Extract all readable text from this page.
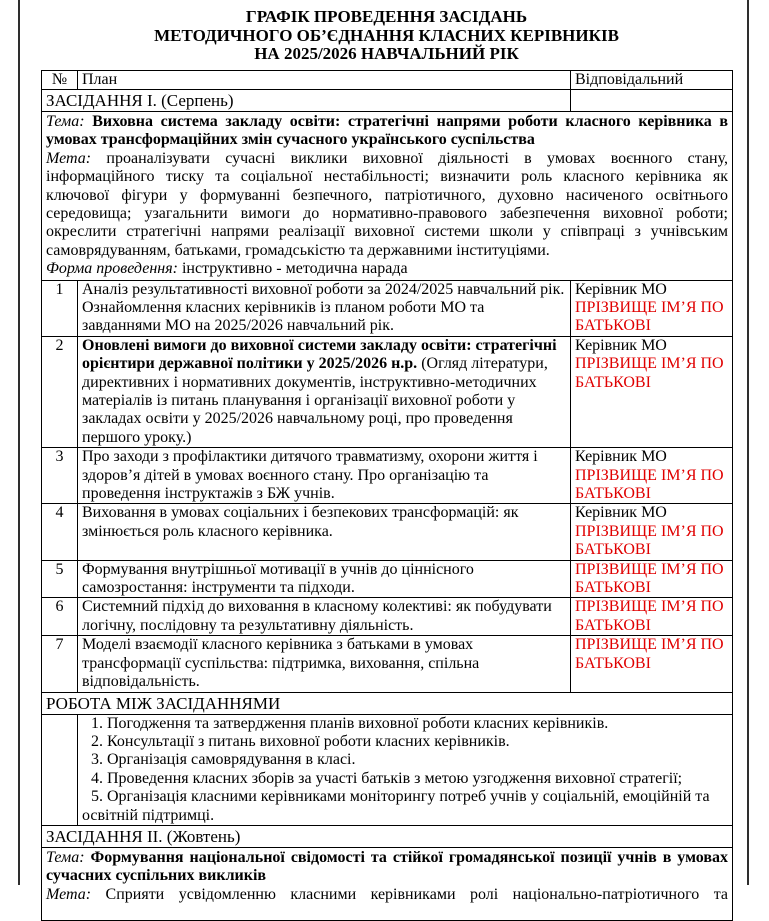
ГРАФІК ПРОВЕДЕННЯ ЗАСІДАНЬ
МЕТОДИЧНОГО ОБ’ЄДНАННЯ КЛАСНИХ КЕРІВНИКІВ
НА 2025/2026 НАВЧАЛЬНИЙ РІК
№	План	Відповідальний
ЗАСІДАННЯ І. (Серпень)		

Тема: Виховна система закладу освіти: стратегічні напрями роботи класного керівника в умовах трансформаційних змін сучасного українського суспільства
Мета: проаналізувати сучасні виклики виховної діяльності в умовах воєнного стану, інформаційного тиску та соціальної нестабільності; визначити роль класного керівника як ключової фігури у формуванні безпечного, патріотичного, духовно насиченого освітнього середовища; узагальнити вимоги до нормативно-правового забезпечення виховної роботи; окреслити стратегічні напрями реалізації виховної системи школи у співпраці з учнівським самоврядуванням, батьками, громадськістю та державними інституціями.
Форма проведення: інструктивно - методична нарада		

1	Аналіз результативності виховної роботи за 2024/2025 навчальний рік. Ознайомлення класних керівників із планом роботи МО та завданнями МО на 2025/2026 навчальний рік.	Керівник МО
ПРІЗВИЩЕ ІМ’Я ПО БАТЬКОВІ

2	Оновлені вимоги до виховної системи закладу освіти: стратегічні орієнтири державної політики у 2025/2026 н.р. (Огляд літератури, директивних і нормативних документів, інструктивно-методичних матеріалів із питань планування і організації виховної роботи у закладах освіти у 2025/2026 навчальному році, про проведення першого уроку.)	Керівник МО
ПРІЗВИЩЕ ІМ’Я ПО БАТЬКОВІ

3	Про заходи з профілактики дитячого травматизму, охорони життя і здоров’я дітей в умовах воєнного стану. Про організацію та проведення інструктажів з БЖ учнів.	Керівник МО
ПРІЗВИЩЕ ІМ’Я ПО БАТЬКОВІ

4	Виховання в умовах соціальних і безпекових трансформацій: як змінюється роль класного керівника.	Керівник МО
ПРІЗВИЩЕ ІМ’Я ПО БАТЬКОВІ

5	Формування внутрішньої мотивації в учнів до ціннісного самозростання: інструменти та підходи.	ПРІЗВИЩЕ ІМ’Я ПО БАТЬКОВІ

6	Системний підхід до виховання в класному колективі: як побудувати логічну, послідовну та результативну діяльність.	ПРІЗВИЩЕ ІМ’Я ПО БАТЬКОВІ

7	Моделі взаємодії класного керівника з батьками в умовах трансформації суспільства: підтримка, виховання, спільна відповідальність.	ПРІЗВИЩЕ ІМ’Я ПО БАТЬКОВІ

РОБОТА МІЖ ЗАСІДАННЯМИ		

	1. Погодження та затвердження планів виховної роботи класних керівників.
2. Консультації з питань виховної роботи класних керівників.
3. Організація самоврядування в класі.
4. Проведення класних зборів за участі батьків з метою узгодження виховної стратегії;
5. Організація класними керівниками моніторингу потреб учнів у соціальній, емоційній та освітній підтримці.	

ЗАСІДАННЯ ІІ. (Жовтень)		

Тема: Формування національної свідомості та стійкої громадянської позиції учнів в умовах сучасних суспільних викликів
Мета: Сприяти усвідомленню класними керівниками ролі національно-патріотичного та		
